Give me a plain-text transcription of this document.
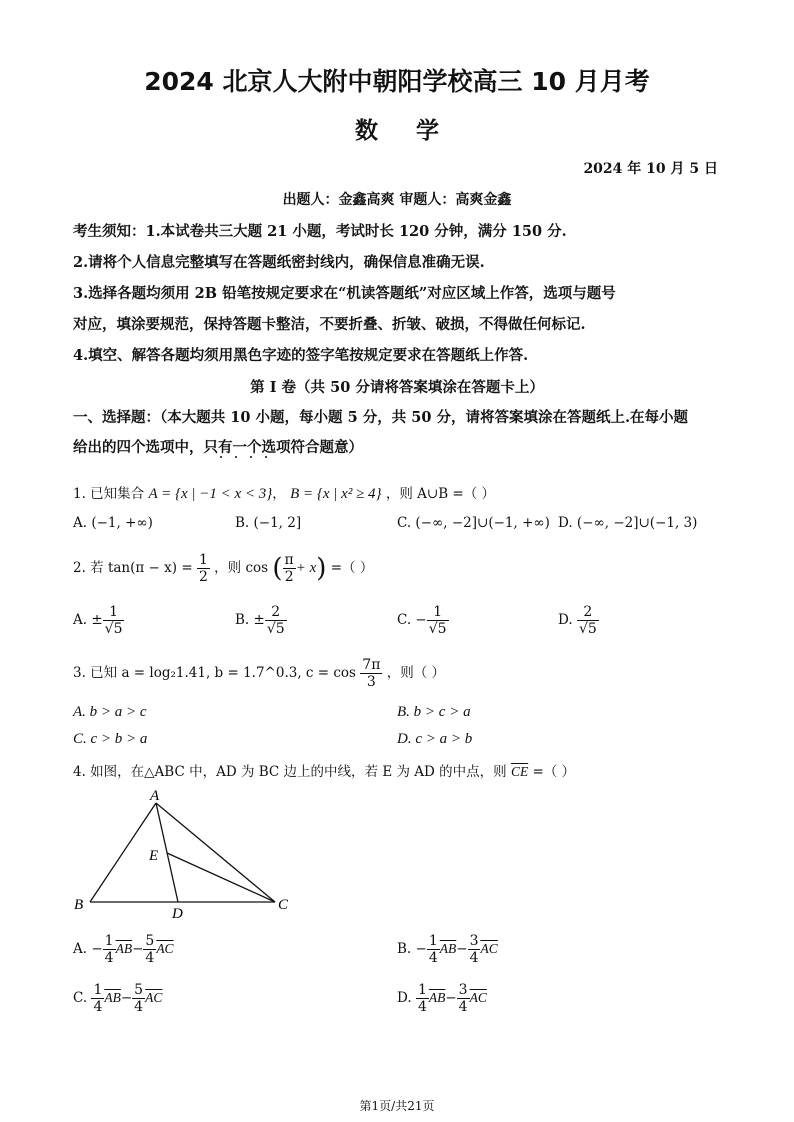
2024 北京人大附中朝阳学校高三 10 月月考
数学
2024 年 10 月 5 日
出题人：金鑫高爽 审题人：高爽金鑫
考生须知：1.本试卷共三大题 21 小题，考试时长 120 分钟，满分 150 分.
2.请将个人信息完整填写在答题纸密封线内，确保信息准确无误.
3.选择各题均须用 2B 铅笔按规定要求在“机读答题纸”对应区域上作答，选项与题号
对应，填涂要规范，保持答题卡整洁，不要折叠、折皱、破损，不得做任何标记.
4.填空、解答各题均须用黑色字迹的签字笔按规定要求在答题纸上作答.
第 I 卷（共 50 分请将答案填涂在答题卡上）
一、选择题：（本大题共 10 小题，每小题 5 分，共 50 分，请将答案填涂在答题纸上.在每小题
给出的四个选项中，只有一个选项符合题意）
1. 已知集合 A = {x | −1 < x < 3}， B = {x | x² ≥ 4} ，则 A∪B =（ ）
A. (−1, +∞)	B. (−1, 2]	C. (−∞, −2]∪(−1, +∞) D. (−∞, −2]∪(−1, 3)
2. 若 $\tan(\pi - x) = \frac{1}{2}$ ，则 cos ( $\frac{\pi}{2} + x$) =（ ）
A. ± $\frac{1}{√5}$	B. ± $\frac{2}{√5}$	C. − $\frac{1}{√5}$	D. $\frac{2}{√5}$
3. 已知 a = log₂1.41, b = 1.7^0.3, $c = \cos \frac{7\pi}{3}$ ，则（ ）
A. b > a > c	B. b > c > a
C. c > b > a	D. c > a > b
4. 如图，在△ABC 中，AD 为 BC 边上的中线，若 E 为 AD 的中点，则 $\overline{CE}$ =（ ）
A
B	C
D
E
A. − $\frac{1}{4} \overline{AB}- \frac{5}{4} \overline{AC}$	B. − $\frac{1}{4} \overline{AB}- \frac{3}{4} \overline{AC}$
C. $\frac{1}{4} \overline{AB}- \frac{5}{4} \overline{AC}$	D. $\frac{1}{4} \overline{AB}- \frac{3}{4} \overline{AC}$
第1页/共21页
